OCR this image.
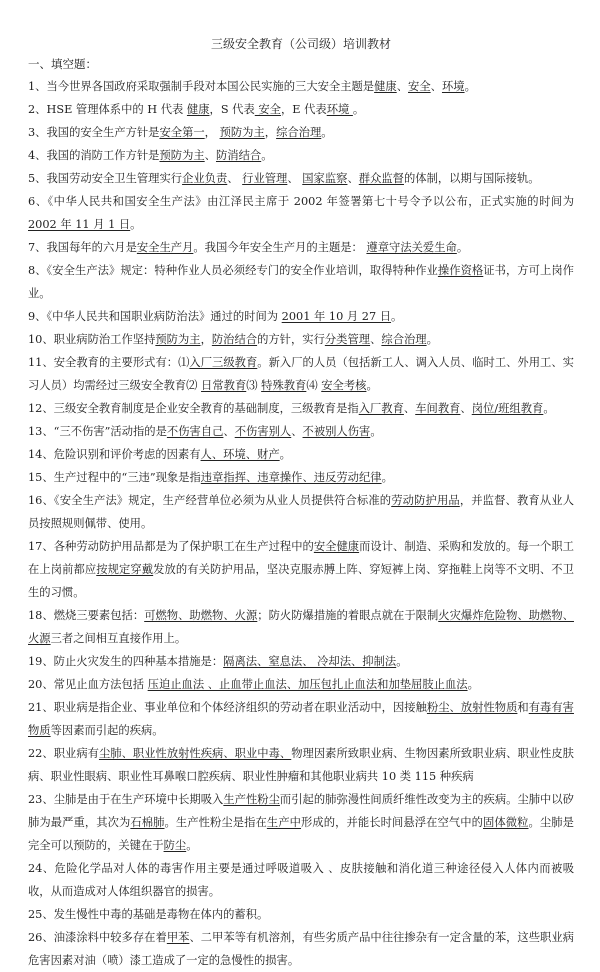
三级安全教育（公司级）培训教材
一、填空题：

1、当今世界各国政府采取强制手段对本国公民实施的三大安全主题是健康、安全、环境。

2、HSE 管理体系中的 H 代表 健康，S 代表 安全，E 代表环境 。

3、我国的安全生产方针是安全第一， 预防为主，综合治理。

4、我国的消防工作方针是预防为主、防消结合。

5、我国劳动安全卫生管理实行企业负责、 行业管理、 国家监察、群众监督的体制，以期与国际接轨。

6、《中华人民共和国安全生产法》由江泽民主席于 2002 年签署第七十号令予以公布，正式实施的时间为 2002 年 11 月 1 日。

7、我国每年的六月是安全生产月。我国今年安全生产月的主题是： 遵章守法关爱生命。

8、《安全生产法》规定：特种作业人员必须经专门的安全作业培训，取得特种作业操作资格证书，方可上岗作业。

9、《中华人民共和国职业病防治法》通过的时间为 2001 年 10 月 27 日。

10、职业病防治工作坚持预防为主，防治结合的方针，实行分类管理、综合治理。

11、安全教育的主要形式有：⑴入厂三级教育。新入厂的人员（包括新工人、调入人员、临时工、外用工、实习人员）均需经过三级安全教育⑵ 日常教育⑶ 特殊教育⑷ 安全考核。

12、三级安全教育制度是企业安全教育的基础制度，三级教育是指入厂教育、车间教育、岗位/班组教育。

13、“三不伤害”活动指的是不伤害自己、不伤害别人、不被别人伤害。

14、危险识别和评价考虑的因素有人、环境、财产。

15、生产过程中的“三违”现象是指违章指挥、违章操作、违反劳动纪律。

16、《安全生产法》规定，生产经营单位必须为从业人员提供符合标准的劳动防护用品，并监督、教育从业人员按照规则佩带、使用。

17、各种劳动防护用品都是为了保护职工在生产过程中的安全健康而设计、制造、采购和发放的。每一个职工在上岗前都应按规定穿戴发放的有关防护用品，坚决克服赤膊上阵、穿短裤上岗、穿拖鞋上岗等不文明、不卫生的习惯。

18、燃烧三要素包括：可燃物、助燃物、火源；防火防爆措施的着眼点就在于限制火灾爆炸危险物、助燃物、火源三者之间相互直接作用上。

19、防止火灾发生的四种基本措施是：隔离法、窒息法、 冷却法、抑制法。

20、常见止血方法包括 压迫止血法 、止血带止血法、加压包扎止血法和加垫屈肢止血法。

21、职业病是指企业、事业单位和个体经济组织的劳动者在职业活动中，因接触粉尘、放射性物质和有毒有害物质等因素而引起的疾病。

22、职业病有尘肺、职业性放射性疾病、职业中毒、物理因素所致职业病、生物因素所致职业病、职业性皮肤病、职业性眼病、职业性耳鼻喉口腔疾病、职业性肿瘤和其他职业病共 10 类 115 种疾病

23、尘肺是由于在生产环境中长期吸入生产性粉尘而引起的肺弥漫性间质纤维性改变为主的疾病。尘肺中以矽肺为最严重，其次为石棉肺。生产性粉尘是指在生产中形成的，并能长时间悬浮在空气中的固体微粒。尘肺是完全可以预防的，关键在于防尘。

24、危险化学品对人体的毒害作用主要是通过呼吸道吸入 、皮肤接触和消化道三种途径侵入人体内而被吸收，从而造成对人体组织器官的损害。

25、发生慢性中毒的基础是毒物在体内的蓄积。

26、油漆涂料中较多存在着甲苯、二甲苯等有机溶剂，有些劣质产品中往往掺杂有一定含量的苯，这些职业病危害因素对油（喷）漆工造成了一定的急慢性的损害。
